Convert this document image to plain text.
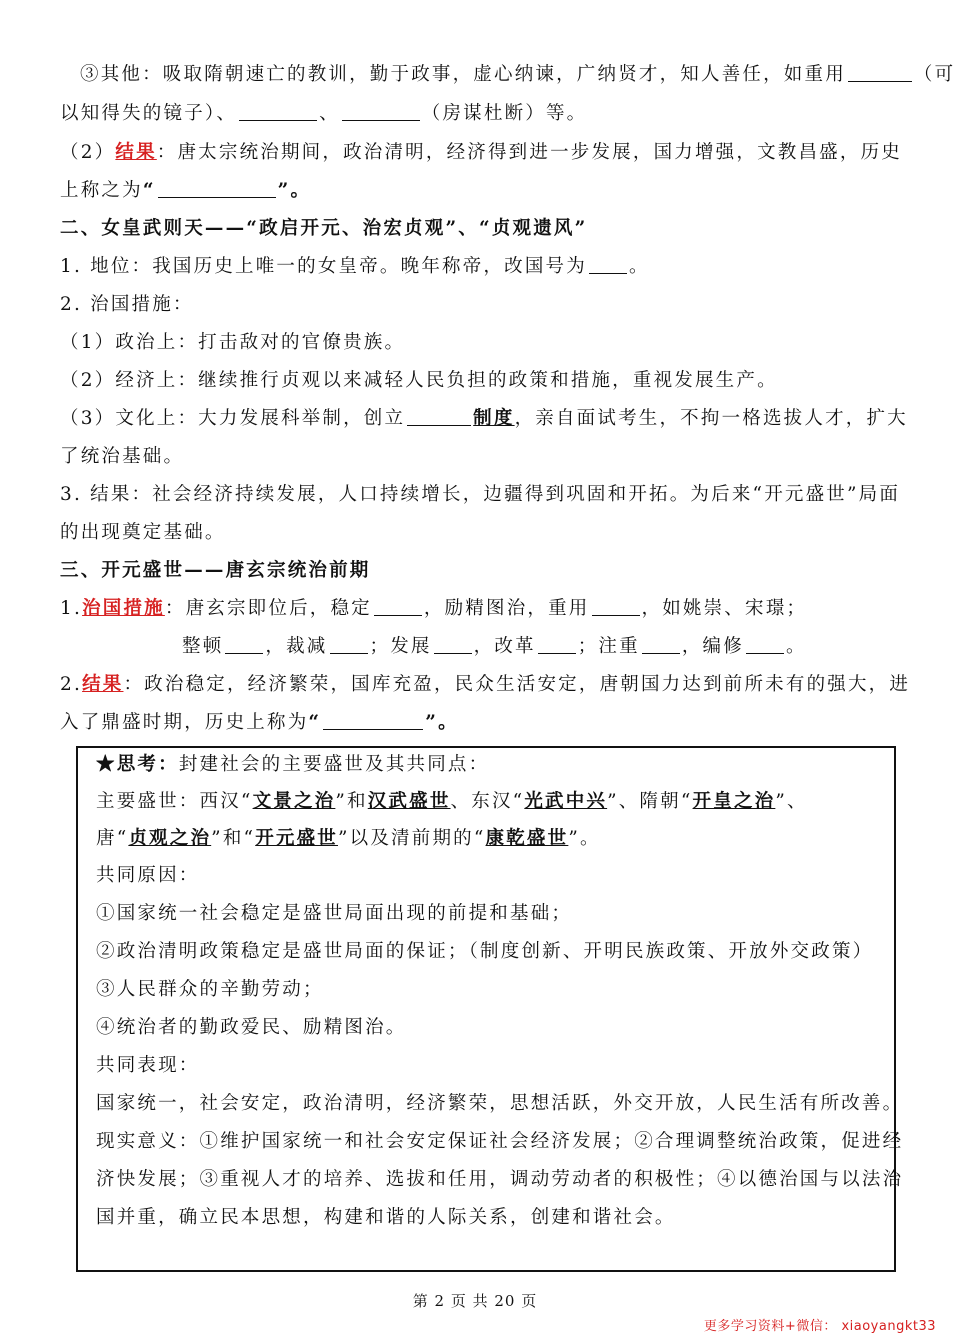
③其他：吸取隋朝速亡的教训，勤于政事，虚心纳谏，广纳贤才，知人善任，如重用	（可
以知得失的镜子）、	、	（房谋杜断）等。
（2）结果：唐太宗统治期间，政治清明，经济得到进一步发展，国力增强，文教昌盛，历史
上称之为“	”。
二、女皇武则天——“政启开元、治宏贞观”、“贞观遗风”
1. 地位：我国历史上唯一的女皇帝。晚年称帝，改国号为 。
2. 治国措施：
（1）政治上：打击敌对的官僚贵族。
（2）经济上：继续推行贞观以来减轻人民负担的政策和措施，重视发展生产。
（3）文化上：大力发展科举制，创立	制度，亲自面试考生，不拘一格选拔人才，扩大
了统治基础。
3. 结果：社会经济持续发展，人口持续增长，边疆得到巩固和开拓。为后来“开元盛世”局面
的出现奠定基础。
三、开元盛世——唐玄宗统治前期
1.治国措施：唐玄宗即位后，稳定	，励精图治，重用	，如姚崇、宋璟；
整顿 ，裁减 ；发展 ，改革 ；注重 ，编修 。
2.结果：政治稳定，经济繁荣，国库充盈，民众生活安定，唐朝国力达到前所未有的强大，进
入了鼎盛时期，历史上称为“	”。
★思考：封建社会的主要盛世及其共同点：
主要盛世：西汉“文景之治”和汉武盛世、东汉“光武中兴”、隋朝“开皇之治”、
唐“贞观之治”和“开元盛世”以及清前期的“康乾盛世”。
共同原因：
①国家统一社会稳定是盛世局面出现的前提和基础；
②政治清明政策稳定是盛世局面的保证；（制度创新、开明民族政策、开放外交政策）
③人民群众的辛勤劳动；
④统治者的勤政爱民、励精图治。
共同表现：
国家统一，社会安定，政治清明，经济繁荣，思想活跃，外交开放，人民生活有所改善。
现实意义：①维护国家统一和社会安定保证社会经济发展；②合理调整统治政策，促进经
济快发展；③重视人才的培养、选拔和任用，调动劳动者的积极性；④以德治国与以法治
国并重，确立民本思想，构建和谐的人际关系，创建和谐社会。
第 2 页 共 20 页
更多学习资料+微信： xiaoyangkt33
